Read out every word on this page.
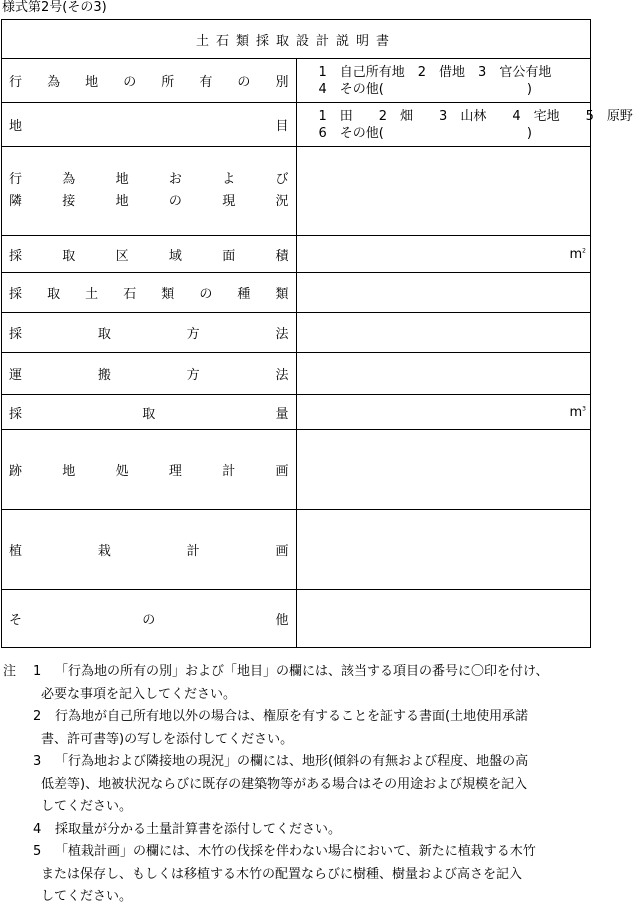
様式第2号(その3)
土石類採取設計説明書	

行為地の所有の別	1　自己所有地　2　借地　3　官公有地
4　その他(　　　　　　　　　　　)

地目	1　田　　2　畑　　3　山林　　4　宅地　　5　原野
6　その他(　　　　　　　　　　　)

行為地および
隣接地の現況	

採取区域面積	$m^2$

採取土石類の種類	

採取方法	

運搬方法	

採取量	$m^3$

跡地処理計画	

植栽計画	

その他	

注 1	「行為地の所有の別」および「地目」の欄には、該当する項目の番号に〇印を付け、
必要な事項を記入してください。
2	行為地が自己所有地以外の場合は、権原を有することを証する書面(土地使用承諾
書、許可書等)の写しを添付してください。
3	「行為地および隣接地の現況」の欄には、地形(傾斜の有無および程度、地盤の高
低差等)、地被状況ならびに既存の建築物等がある場合はその用途および規模を記入
してください。
4	採取量が分かる土量計算書を添付してください。
5	「植栽計画」の欄には、木竹の伐採を伴わない場合において、新たに植栽する木竹
または保存し、もしくは移植する木竹の配置ならびに樹種、樹量および高さを記入
してください。
